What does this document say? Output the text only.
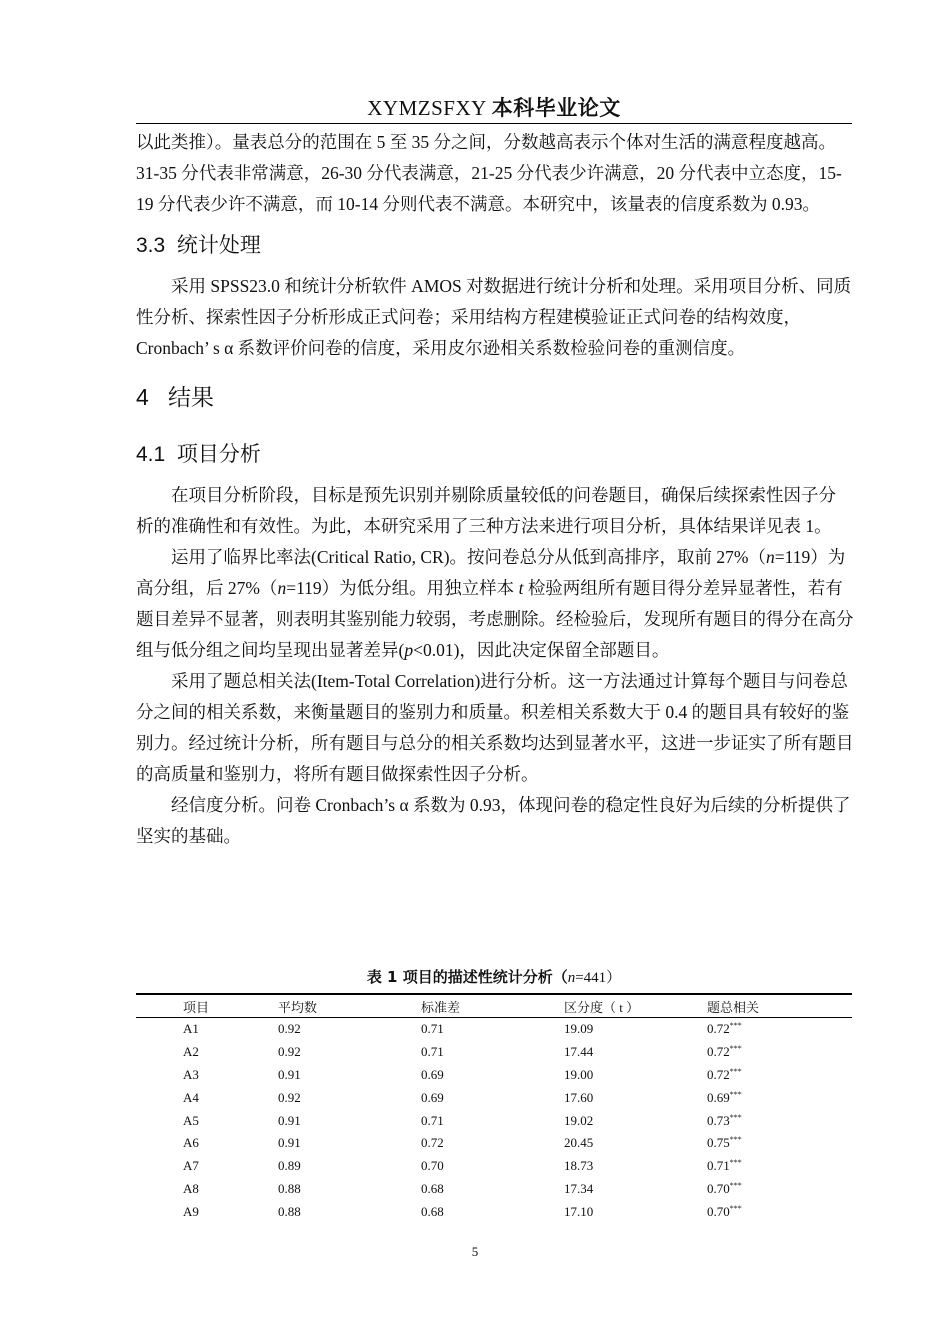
XYMZSFXY 本科毕业论文

以此类推）。量表总分的范围在 5 至 35 分之间，分数越高表示个体对生活的满意程度越高。31-35 分代表非常满意，26-30 分代表满意，21-25 分代表少许满意，20 分代表中立态度，15-19 分代表少许不满意，而 10-14 分则代表不满意。本研究中，该量表的信度系数为 0.93。

3.3 统计处理

采用 SPSS23.0 和统计分析软件 AMOS 对数据进行统计分析和处理。采用项目分析、同质性分析、探索性因子分析形成正式问卷；采用结构方程建模验证正式问卷的结构效度，Cronbach’ s α 系数评价问卷的信度，采用皮尔逊相关系数检验问卷的重测信度。

4 结果

4.1 项目分析

在项目分析阶段，目标是预先识别并剔除质量较低的问卷题目，确保后续探索性因子分析的准确性和有效性。为此，本研究采用了三种方法来进行项目分析，具体结果详见表 1。

运用了临界比率法(Critical Ratio, CR)。按问卷总分从低到高排序，取前 27%（n=119）为高分组，后 27%（n=119）为低分组。用独立样本 t 检验两组所有题目得分差异显著性，若有题目差异不显著，则表明其鉴别能力较弱，考虑删除。经检验后，发现所有题目的得分在高分组与低分组之间均呈现出显著差异(p<0.01)，因此决定保留全部题目。

采用了题总相关法(Item-Total Correlation)进行分析。这一方法通过计算每个题目与问卷总分之间的相关系数，来衡量题目的鉴别力和质量。积差相关系数大于 0.4 的题目具有较好的鉴别力。经过统计分析，所有题目与总分的相关系数均达到显著水平，这进一步证实了所有题目的高质量和鉴别力，将所有题目做探索性因子分析。

经信度分析。问卷 Cronbach’s α 系数为 0.93，体现问卷的稳定性良好为后续的分析提供了坚实的基础。

表 1 项目的描述性统计分析（n=441）
项目	平均数	标准差	区分度（ t ）	题总相关
A1	0.92	0.71	19.09	0.72***
A2	0.92	0.71	17.44	0.72***
A3	0.91	0.69	19.00	0.72***
A4	0.92	0.69	17.60	0.69***
A5	0.91	0.71	19.02	0.73***
A6	0.91	0.72	20.45	0.75***
A7	0.89	0.70	18.73	0.71***
A8	0.88	0.68	17.34	0.70***
A9	0.88	0.68	17.10	0.70***
5
